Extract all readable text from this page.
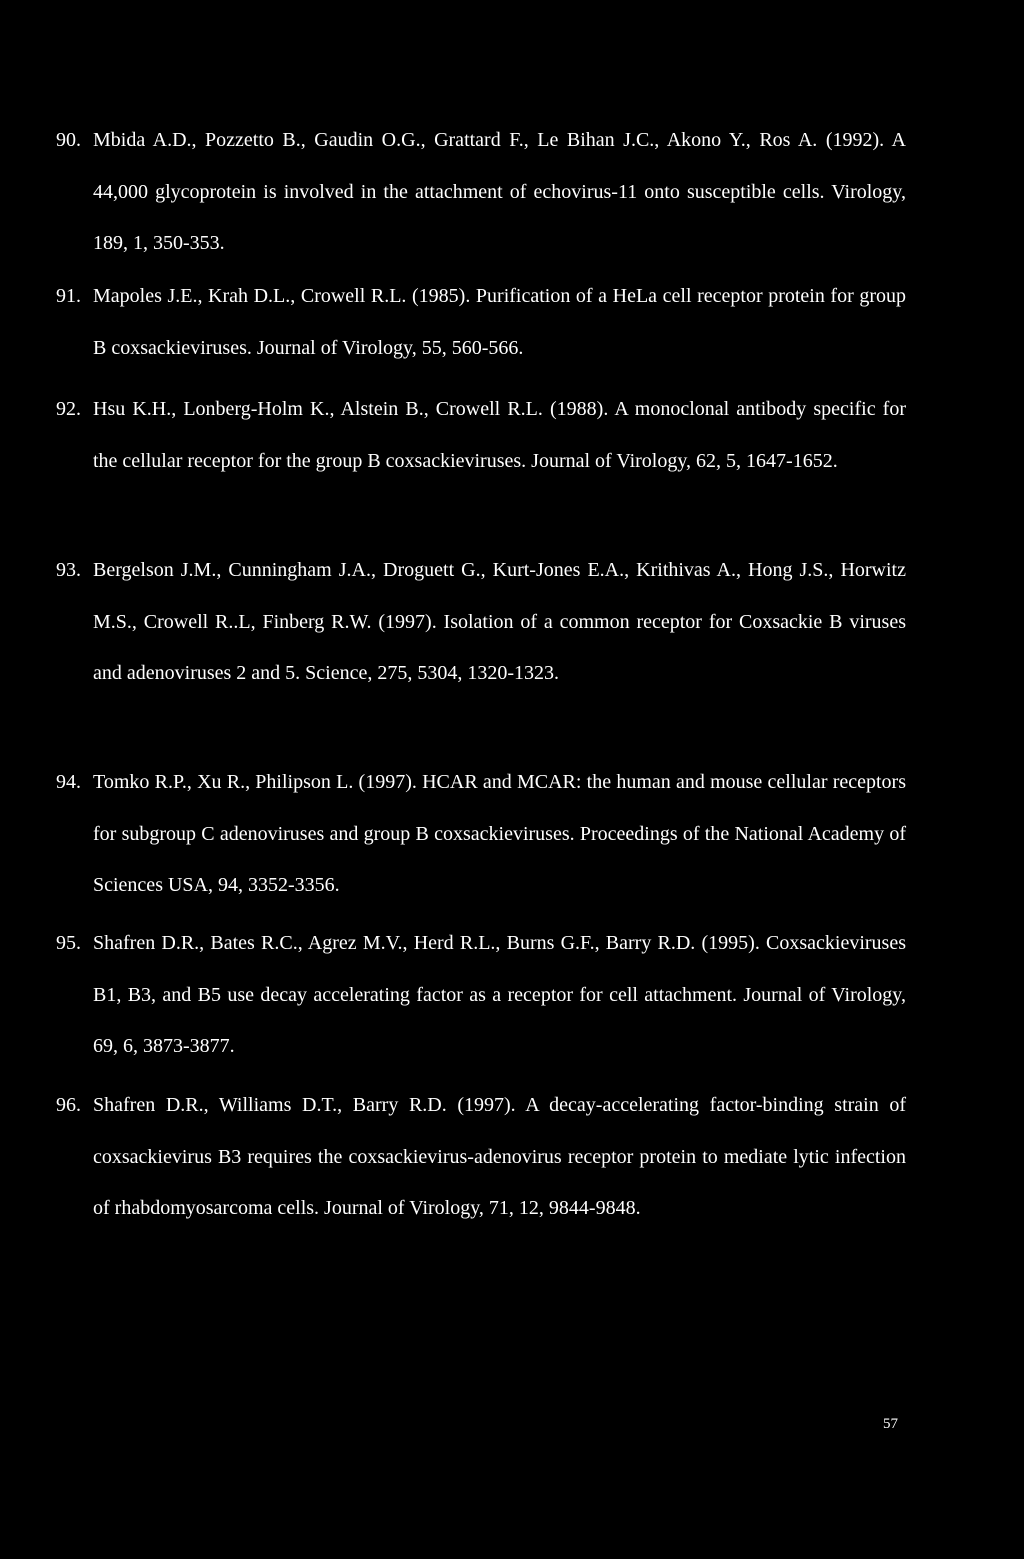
90. Mbida A.D., Pozzetto B., Gaudin O.G., Grattard F., Le Bihan J.C., Akono Y., Ros A. (1992). A 44,000 glycoprotein is involved in the attachment of echovirus-11 onto susceptible cells. Virology, 189, 1, 350-353.
91. Mapoles J.E., Krah D.L., Crowell R.L. (1985). Purification of a HeLa cell receptor protein for group B coxsackieviruses. Journal of Virology, 55, 560-566.
92. Hsu K.H., Lonberg-Holm K., Alstein B., Crowell R.L. (1988). A monoclonal antibody specific for the cellular receptor for the group B coxsackieviruses. Journal of Virology, 62, 5, 1647-1652.
93. Bergelson J.M., Cunningham J.A., Droguett G., Kurt-Jones E.A., Krithivas A., Hong J.S., Horwitz M.S., Crowell R..L, Finberg R.W. (1997). Isolation of a common receptor for Coxsackie B viruses and adenoviruses 2 and 5. Science, 275, 5304, 1320-1323.
94. Tomko R.P., Xu R., Philipson L. (1997). HCAR and MCAR: the human and mouse cellular receptors for subgroup C adenoviruses and group B coxsackieviruses. Proceedings of the National Academy of Sciences USA, 94, 3352-3356.
95. Shafren D.R., Bates R.C., Agrez M.V., Herd R.L., Burns G.F., Barry R.D. (1995). Coxsackieviruses B1, B3, and B5 use decay accelerating factor as a receptor for cell attachment. Journal of Virology, 69, 6, 3873-3877.
96. Shafren D.R., Williams D.T., Barry R.D. (1997). A decay-accelerating factor-binding strain of coxsackievirus B3 requires the coxsackievirus-adenovirus receptor protein to mediate lytic infection of rhabdomyosarcoma cells. Journal of Virology, 71, 12, 9844-9848.
57
